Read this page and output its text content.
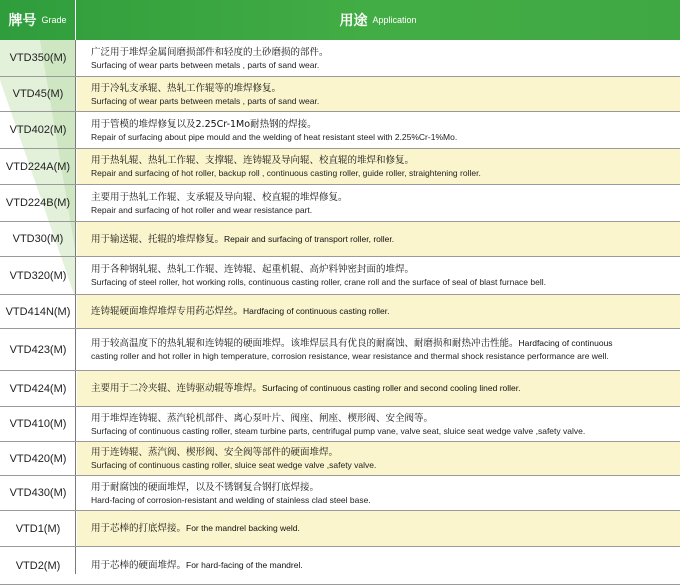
牌号 Grade	用途 Application
VTD350(M)	广泛用于堆焊金属间磨损部件和轻度的土砂磨损的部件。
Surfacing of wear parts between metals , parts of sand wear.
VTD45(M)	用于冷轧支承辊、热轧工作辊等的堆焊修复。
Surfacing of wear parts between metals , parts of sand wear.
VTD402(M)	用于管模的堆焊修复以及2.25Cr-1Mo耐热钢的焊接。
Repair of surfacing about pipe mould and the welding of heat resistant steel with 2.25%Cr-1%Mo.
VTD224A(M)	用于热轧辊、热轧工作辊、支撑辊、连铸辊及导向辊、校直辊的堆焊和修复。
Repair and surfacing of hot roller, backup roll , continuous casting roller, guide roller, straightening roller.
VTD224B(M)	主要用于热轧工作辊、支承辊及导向辊、校直辊的堆焊修复。
Repair and surfacing of hot roller and wear resistance part.
VTD30(M)	用于输送辊、托辊的堆焊修复。Repair and surfacing of transport roller, roller.
VTD320(M)	用于各种钢轧辊、热轧工作辊、连铸辊、起重机辊、高炉料钟密封面的堆焊。
Surfacing of steel roller, hot working rolls, continuous casting roller, crane roll and the surface of seal of blast furnace bell.
VTD414N(M)	连铸辊硬面堆焊堆焊专用药芯焊丝。Hardfacing of continuous casting roller.
VTD423(M)	用于较高温度下的热轧辊和连铸辊的硬面堆焊。该堆焊层具有优良的耐腐蚀、耐磨损和耐热冲击性能。Hardfacing of continuous
casting roller and hot roller in high temperature, corrosion resistance, wear resistance and thermal shock resistance performance are well.
VTD424(M)	主要用于二冷夹辊、连铸驱动辊等堆焊。Surfacing of continuous casting roller and second cooling lined roller.
VTD410(M)	用于堆焊连铸辊、蒸汽轮机部件、离心泵叶片、阀座、闸座、楔形阀、安全阀等。
Surfacing of continuous casting roller, steam turbine parts, centrifugal pump vane, valve seat, sluice seat wedge valve ,safety valve.
VTD420(M)	用于连铸辊、蒸汽阀、楔形阀、安全阀等部件的硬面堆焊。
Surfacing of continuous casting roller, sluice seat wedge valve ,safety valve.
VTD430(M)	用于耐腐蚀的硬面堆焊，以及不锈钢复合钢打底焊接。
Hard-facing of corrosion-resistant and welding of stainless clad steel base.
VTD1(M)	用于芯棒的打底焊接。For the mandrel backing weld.
VTD2(M)	用于芯棒的硬面堆焊。For hard-facing of the mandrel.
